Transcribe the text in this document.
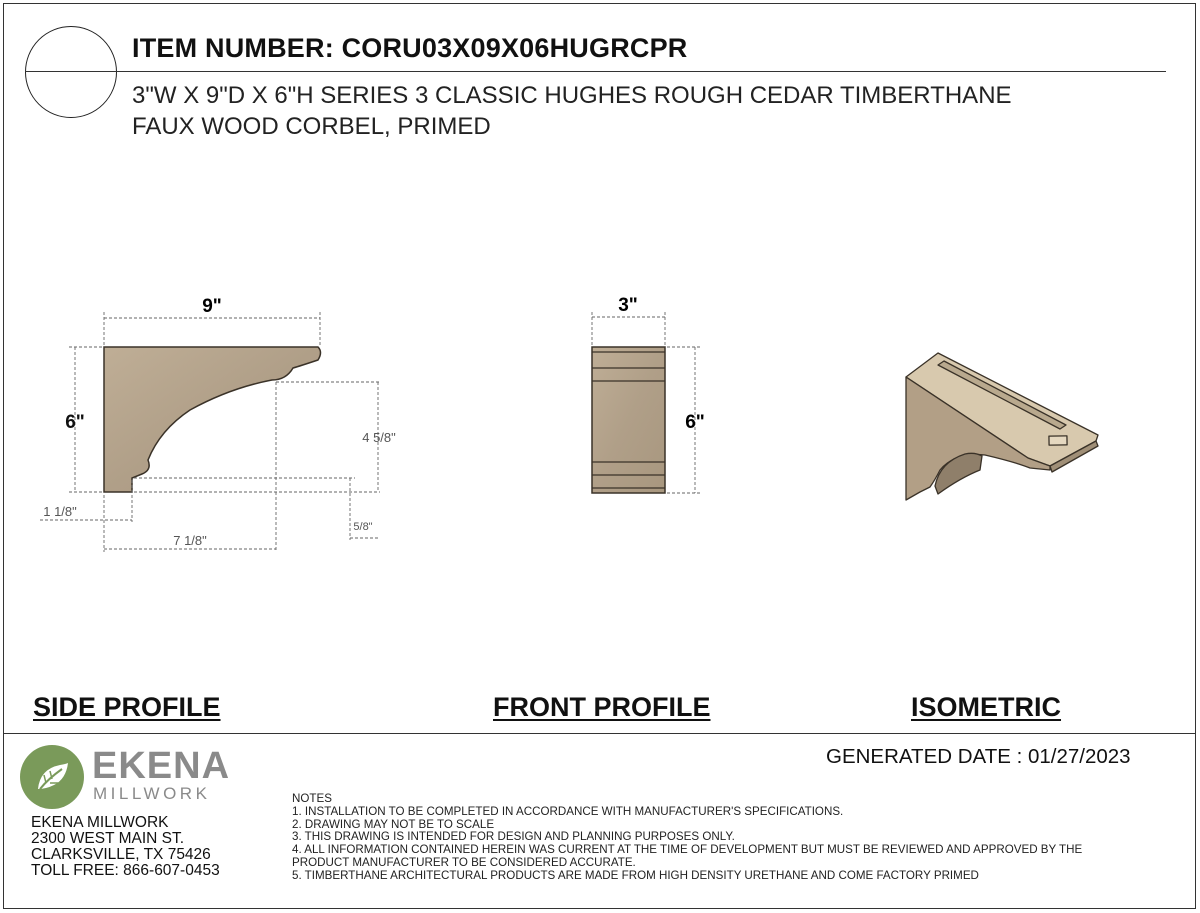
ITEM NUMBER: CORU03X09X06HUGRCPR
3"W X 9"D X 6"H SERIES 3 CLASSIC HUGHES ROUGH CEDAR TIMBERTHANE
FAUX WOOD CORBEL, PRIMED
9"
6"
4 5/8"
1 1/8"
7 1/8"
5/8"
3"
6"
SIDE PROFILE	FRONT PROFILE	ISOMETRIC
EKENA
MILLWORK
EKENA MILLWORK
2300 WEST MAIN ST.
CLARKSVILLE, TX 75426
TOLL FREE: 866-607-0453
GENERATED DATE : 01/27/2023
NOTES
1. INSTALLATION TO BE COMPLETED IN ACCORDANCE WITH MANUFACTURER'S SPECIFICATIONS.
2. DRAWING MAY NOT BE TO SCALE
3. THIS DRAWING IS INTENDED FOR DESIGN AND PLANNING PURPOSES ONLY.
4. ALL INFORMATION CONTAINED HEREIN WAS CURRENT AT THE TIME OF DEVELOPMENT BUT MUST BE REVIEWED AND APPROVED BY THE
PRODUCT MANUFACTURER TO BE CONSIDERED ACCURATE.
5. TIMBERTHANE ARCHITECTURAL PRODUCTS ARE MADE FROM HIGH DENSITY URETHANE AND COME FACTORY PRIMED
